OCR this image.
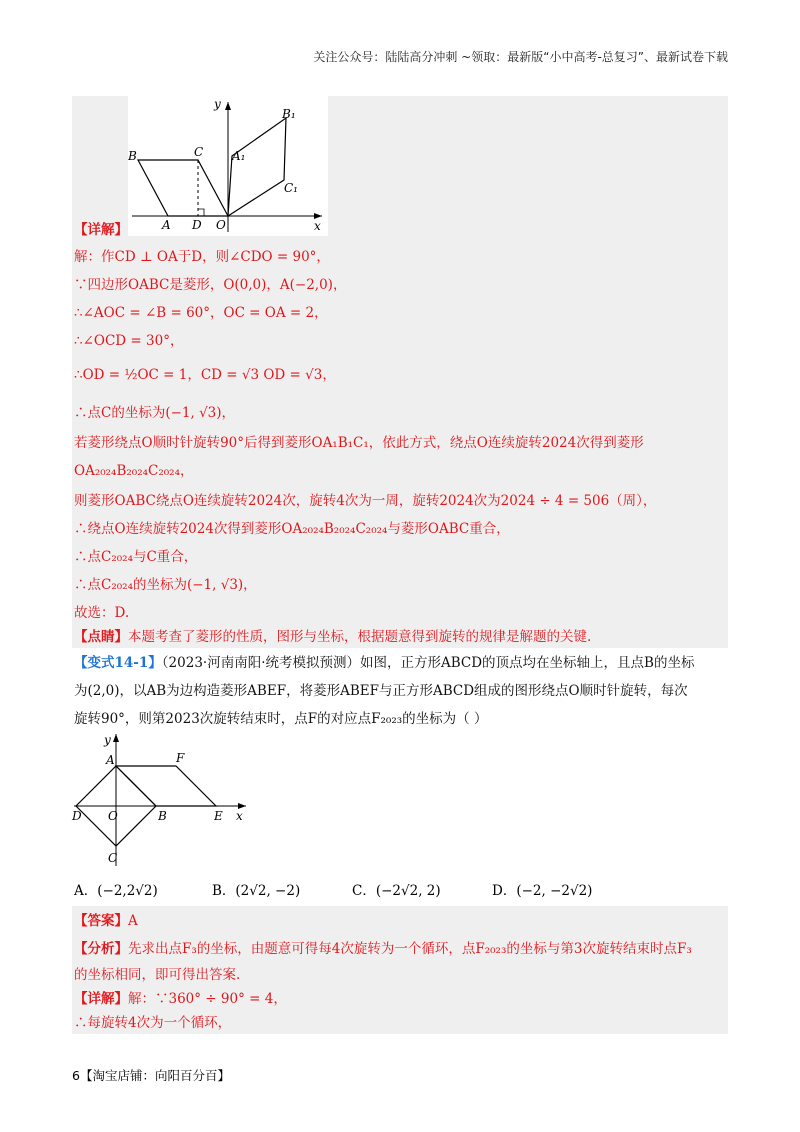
关注公众号：陆陆高分冲刺 ~领取：最新版“小中高考-总复习”、最新试卷下载
y
x
B	C
A D O
B₁
A₁
C₁
【详解】
解：作CD ⊥ OA于D，则∠CDO = 90°，
∵四边形OABC是菱形，O(0,0)，A(−2,0)，
∴∠AOC = ∠B = 60°，OC = OA = 2，
∴∠OCD = 30°，
∴OD = ½OC = 1，CD = √3 OD = √3，
∴点C的坐标为(−1, √3)，
若菱形绕点O顺时针旋转90°后得到菱形OA₁B₁C₁，依此方式，绕点O连续旋转2024次得到菱形
OA₂₀₂₄B₂₀₂₄C₂₀₂₄，
则菱形OABC绕点O连续旋转2024次，旋转4次为一周，旋转2024次为2024 ÷ 4 = 506（周），
∴绕点O连续旋转2024次得到菱形OA₂₀₂₄B₂₀₂₄C₂₀₂₄与菱形OABC重合，
∴点C₂₀₂₄与C重合，
∴点C₂₀₂₄的坐标为(−1, √3)，
故选：D.
【点睛】本题考查了菱形的性质，图形与坐标，根据题意得到旋转的规律是解题的关键.
【变式14-1】（2023·河南南阳·统考模拟预测）如图，正方形ABCD的顶点均在坐标轴上，且点B的坐标
为(2,0)，以AB为边构造菱形ABEF，将菱形ABEF与正方形ABCD组成的图形绕点O顺时针旋转，每次
旋转90°，则第2023次旋转结束时，点F的对应点F₂₀₂₃的坐标为（ ）
y
A	F
D O	B	E x
C
A．(−2,2√2)	B．(2√2, −2)	C．(−2√2, 2)	D．(−2, −2√2)
【答案】A
【分析】先求出点F₃的坐标，由题意可得每4次旋转为一个循环，点F₂₀₂₃的坐标与第3次旋转结束时点F₃
的坐标相同，即可得出答案.
【详解】解：∵360° ÷ 90° = 4，
∴每旋转4次为一个循环，
6【淘宝店铺：向阳百分百】
